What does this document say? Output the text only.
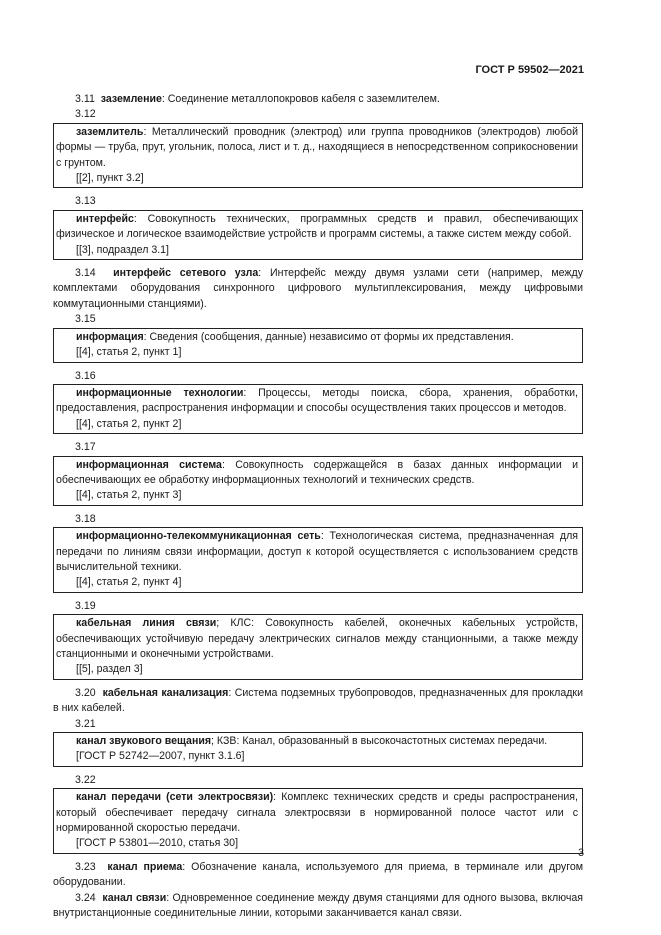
ГОСТ Р 59502—2021

3.11 заземление: Соединение металлопокровов кабеля с заземлителем.

3.12

заземлитель: Металлический проводник (электрод) или группа проводников (электродов) любой формы — труба, прут, угольник, полоса, лист и т. д., находящиеся в непосредственном соприкосновении с грунтом.

[[2], пункт 3.2]

3.13

интерфейс: Совокупность технических, программных средств и правил, обеспечивающих физическое и логическое взаимодействие устройств и программ системы, а также систем между собой.

[[3], подраздел 3.1]

3.14 интерфейс сетевого узла: Интерфейс между двумя узлами сети (например, между комплектами оборудования синхронного цифрового мультиплексирования, между цифровыми коммутационными станциями).

3.15

информация: Сведения (сообщения, данные) независимо от формы их представления.

[[4], статья 2, пункт 1]

3.16

информационные технологии: Процессы, методы поиска, сбора, хранения, обработки, предоставления, распространения информации и способы осуществления таких процессов и методов.

[[4], статья 2, пункт 2]

3.17

информационная система: Совокупность содержащейся в базах данных информации и обеспечивающих ее обработку информационных технологий и технических средств.

[[4], статья 2, пункт 3]

3.18

информационно-телекоммуникационная сеть: Технологическая система, предназначенная для передачи по линиям связи информации, доступ к которой осуществляется с использованием средств вычислительной техники.

[[4], статья 2, пункт 4]

3.19

кабельная линия связи; КЛС: Совокупность кабелей, оконечных кабельных устройств, обеспечивающих устойчивую передачу электрических сигналов между станционными, а также между станционными и оконечными устройствами.

[[5], раздел 3]

3.20 кабельная канализация: Система подземных трубопроводов, предназначенных для прокладки в них кабелей.

3.21

канал звукового вещания; КЗВ: Канал, образованный в высокочастотных системах передачи.

[ГОСТ Р 52742—2007, пункт 3.1.6]

3.22

канал передачи (сети электросвязи): Комплекс технических средств и среды распространения, который обеспечивает передачу сигнала электросвязи в нормированной полосе частот или с нормированной скоростью передачи.

[ГОСТ Р 53801—2010, статья 30]

3.23 канал приема: Обозначение канала, используемого для приема, в терминале или другом оборудовании.

3.24 канал связи: Одновременное соединение между двумя станциями для одного вызова, включая внутристанционные соединительные линии, которыми заканчивается канал связи.

3
